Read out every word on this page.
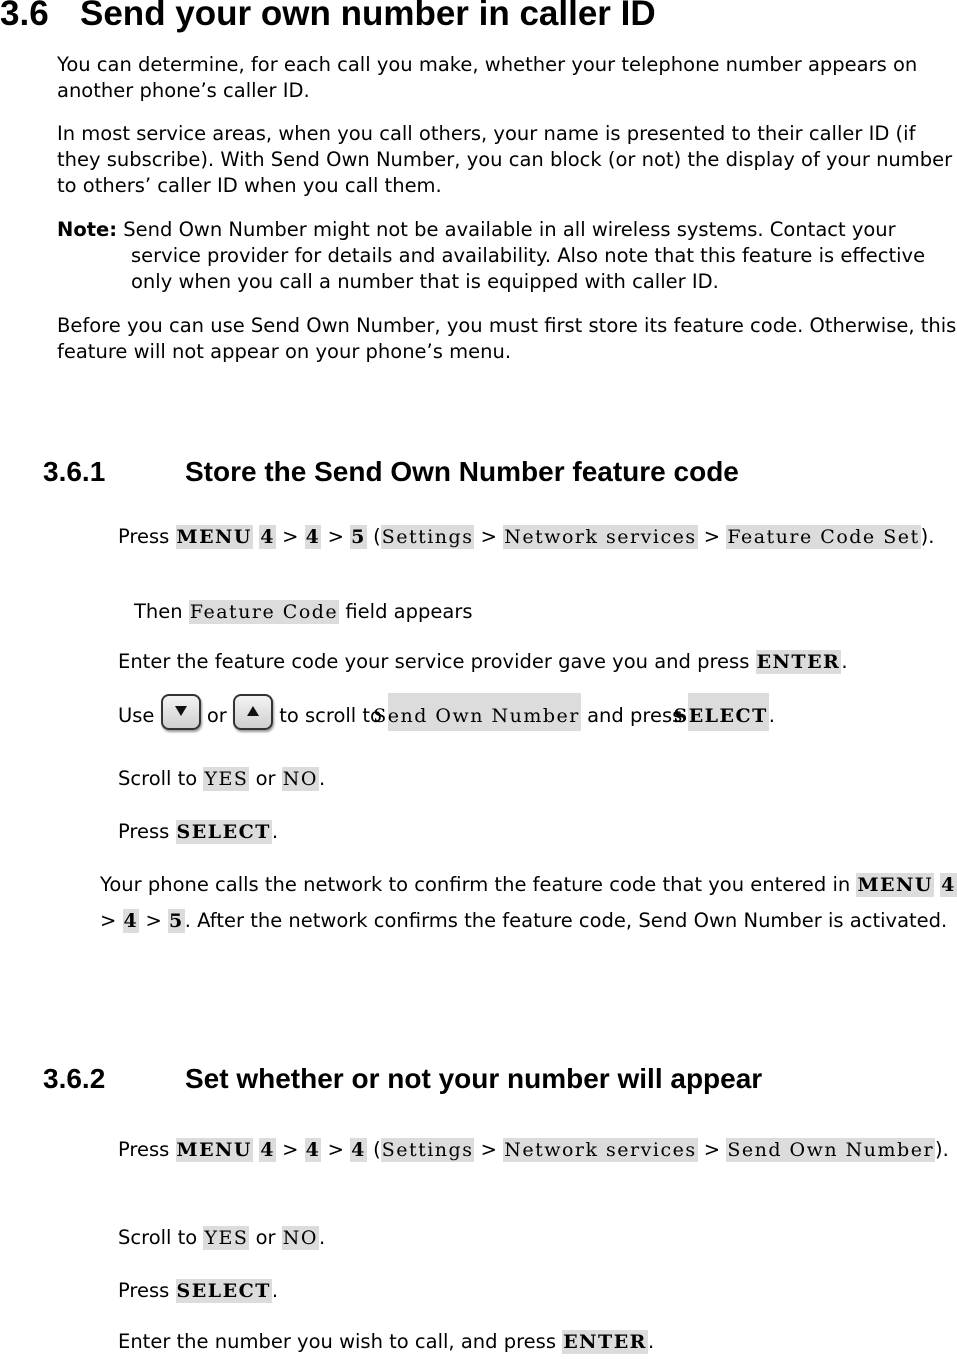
3.6 Send your own number in caller ID
You can determine, for each call you make, whether your telephone number appears on another phone’s caller ID.
In most service areas, when you call others, your name is presented to their caller ID (if they subscribe). With Send Own Number, you can block (or not) the display of your number to others’ caller ID when you call them.
Note: Send Own Number might not be available in all wireless systems. Contact your service provider for details and availability. Also note that this feature is effective only when you call a number that is equipped with caller ID.
Before you can use Send Own Number, you must first store its feature code. Otherwise, this feature will not appear on your phone’s menu.
3.6.1	Store the Send Own Number feature code
Press MENU 4 > 4 > 5 (Settings > Network services > Feature Code Set).
Then Feature Code field appears
Enter the feature code your service provider gave you and press ENTER.
Use	or	to scroll to Send Own Number and press SELECT.
Scroll to YES or NO.
Press SELECT.
Your phone calls the network to confirm the feature code that you entered in MENU 4 > 4 > 5. After the network confirms the feature code, Send Own Number is activated.
3.6.2	Set whether or not your number will appear
Press MENU 4 > 4 > 4 (Settings > Network services > Send Own Number).
Scroll to YES or NO.
Press SELECT.
Enter the number you wish to call, and press ENTER.
